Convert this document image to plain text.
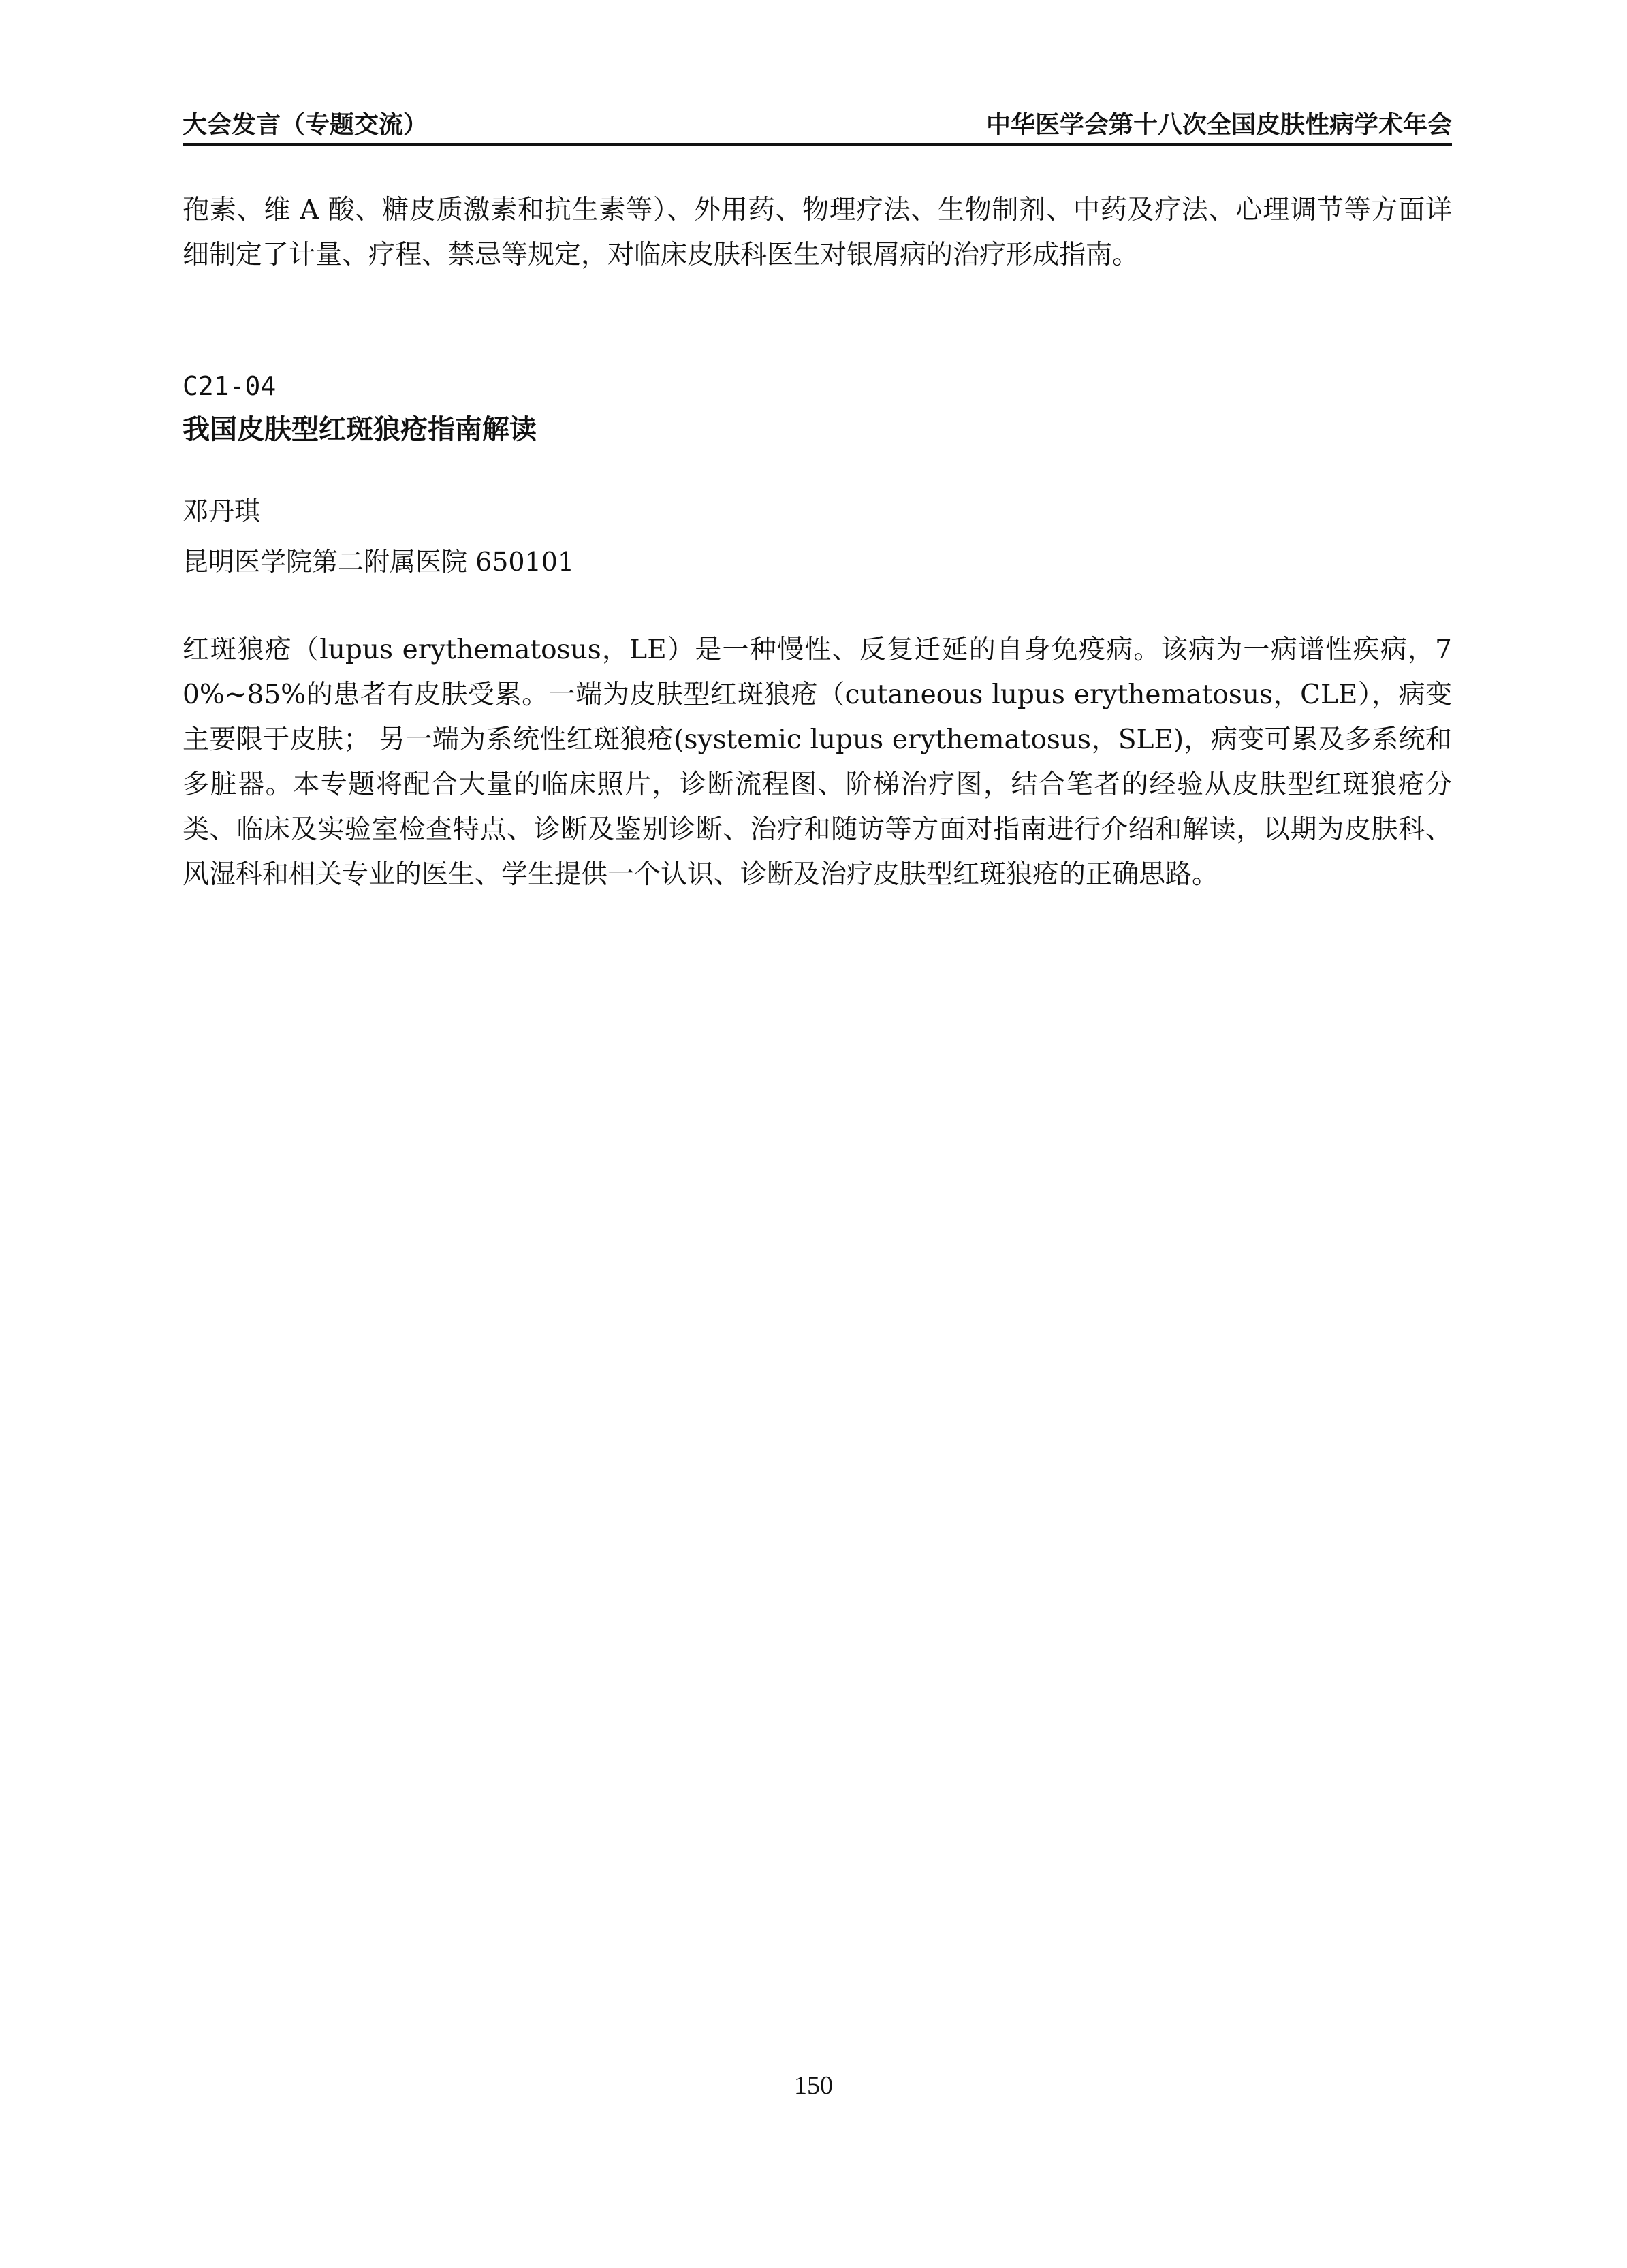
大会发言（专题交流）	中华医学会第十八次全国皮肤性病学术年会

孢素、维 A 酸、糖皮质激素和抗生素等）、外用药、物理疗法、生物制剂、中药及疗法、心理调节等方面详细制定了计量、疗程、禁忌等规定，对临床皮肤科医生对银屑病的治疗形成指南。

C21-04
我国皮肤型红斑狼疮指南解读
邓丹琪
昆明医学院第二附属医院 650101

红斑狼疮（lupus erythematosus，LE）是一种慢性、反复迁延的自身免疫病。该病为一病谱性疾病，70%~85%的患者有皮肤受累。一端为皮肤型红斑狼疮（cutaneous lupus erythematosus，CLE），病变主要限于皮肤； 另一端为系统性红斑狼疮(systemic lupus erythematosus，SLE)，病变可累及多系统和多脏器。本专题将配合大量的临床照片，诊断流程图、阶梯治疗图，结合笔者的经验从皮肤型红斑狼疮分类、临床及实验室检查特点、诊断及鉴别诊断、治疗和随访等方面对指南进行介绍和解读，以期为皮肤科、风湿科和相关专业的医生、学生提供一个认识、诊断及治疗皮肤型红斑狼疮的正确思路。

150
